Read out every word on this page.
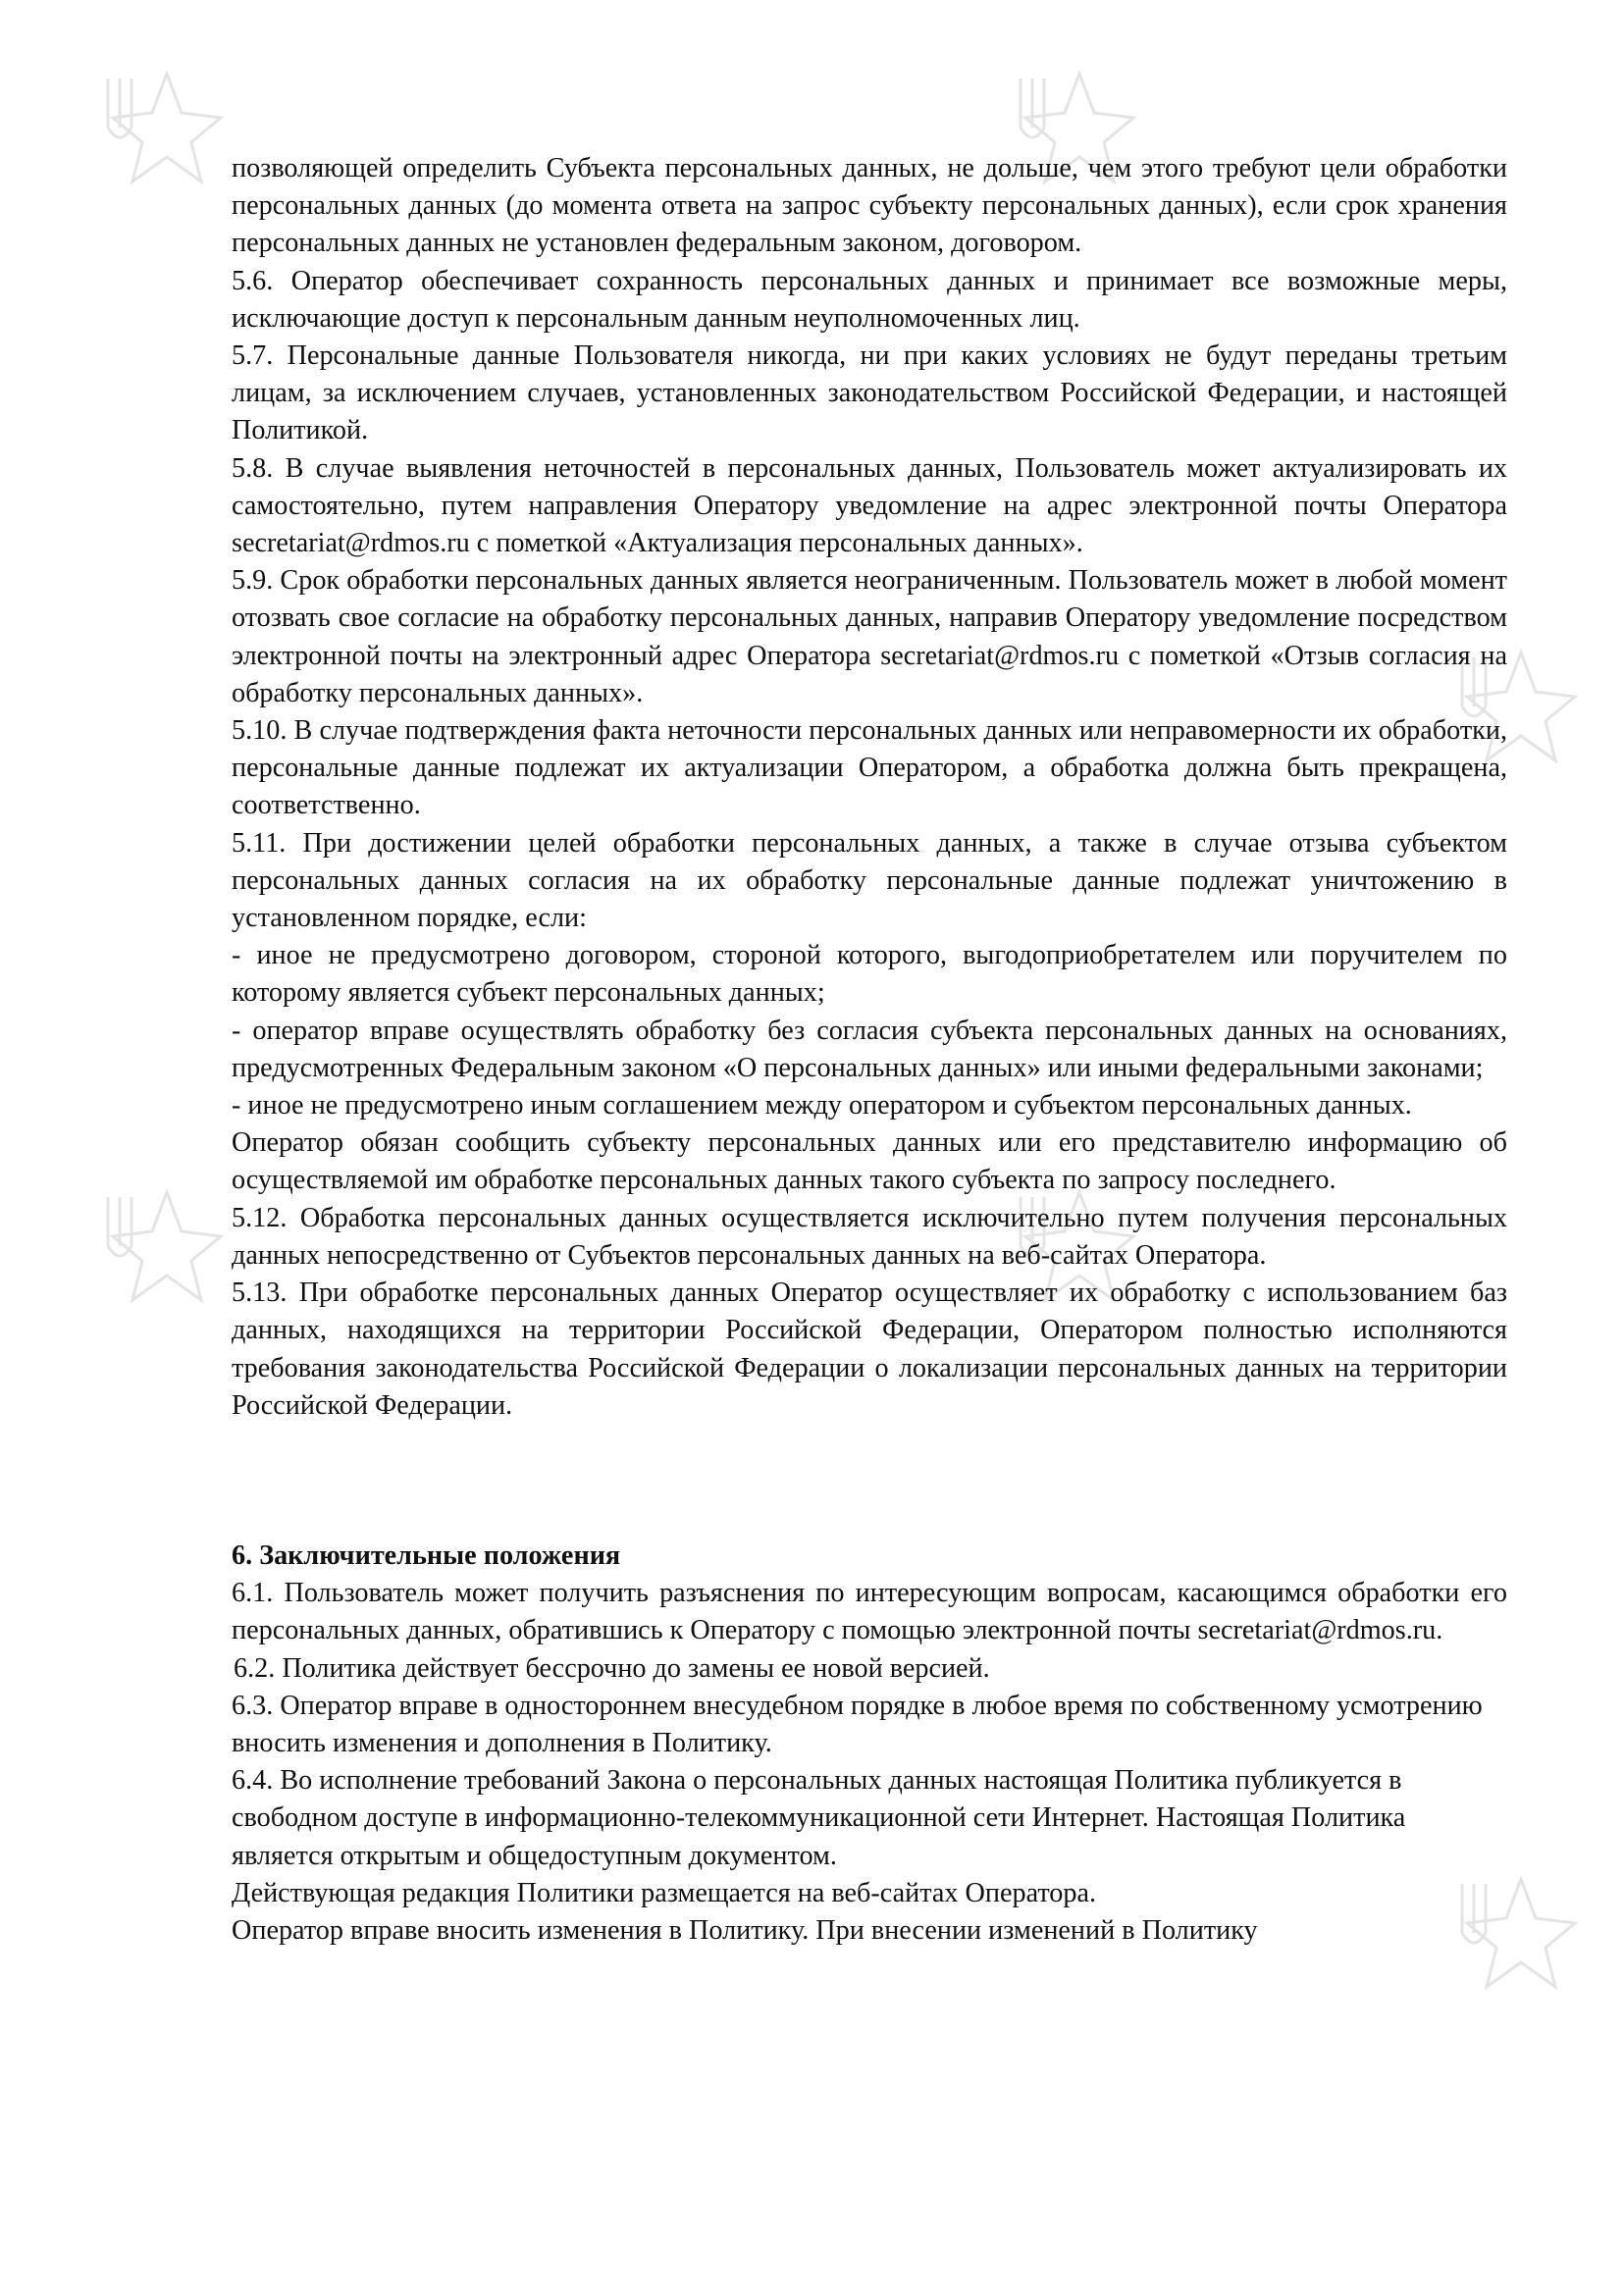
позволяющей определить Субъекта персональных данных, не дольше, чем этого требуют цели обработки персональных данных (до момента ответа на запрос субъекту персональных данных), если срок хранения персональных данных не установлен федеральным законом, договором.

5.6. Оператор обеспечивает сохранность персональных данных и принимает все возможные меры, исключающие доступ к персональным данным неуполномоченных лиц.

5.7. Персональные данные Пользователя никогда, ни при каких условиях не будут переданы третьим лицам, за исключением случаев, установленных законодательством Российской Федерации, и настоящей Политикой.

5.8. В случае выявления неточностей в персональных данных, Пользователь может актуализировать их самостоятельно, путем направления Оператору уведомление на адрес электронной почты Оператора secretariat@rdmos.ru с пометкой «Актуализация персональных данных».

5.9. Срок обработки персональных данных является неограниченным. Пользователь может в любой момент отозвать свое согласие на обработку персональных данных, направив Оператору уведомление посредством электронной почты на электронный адрес Оператора secretariat@rdmos.ru с пометкой «Отзыв согласия на обработку персональных данных».

5.10. В случае подтверждения факта неточности персональных данных или неправомерности их обработки, персональные данные подлежат их актуализации Оператором, а обработка должна быть прекращена, соответственно.

5.11. При достижении целей обработки персональных данных, а также в случае отзыва субъектом персональных данных согласия на их обработку персональные данные подлежат уничтожению в установленном порядке, если:

- иное не предусмотрено договором, стороной которого, выгодоприобретателем или поручителем по которому является субъект персональных данных;

- оператор вправе осуществлять обработку без согласия субъекта персональных данных на основаниях, предусмотренных Федеральным законом «О персональных данных» или иными федеральными законами;

- иное не предусмотрено иным соглашением между оператором и субъектом персональных данных.

Оператор обязан сообщить субъекту персональных данных или его представителю информацию об осуществляемой им обработке персональных данных такого субъекта по запросу последнего.

5.12. Обработка персональных данных осуществляется исключительно путем получения персональных данных непосредственно от Субъектов персональных данных на веб-сайтах Оператора.

5.13. При обработке персональных данных Оператор осуществляет их обработку с использованием баз данных, находящихся на территории Российской Федерации, Оператором полностью исполняются требования законодательства Российской Федерации о локализации персональных данных на территории Российской Федерации.

6. Заключительные положения

6.1. Пользователь может получить разъяснения по интересующим вопросам, касающимся обработки его персональных данных, обратившись к Оператору с помощью электронной почты secretariat@rdmos.ru.

6.2. Политика действует бессрочно до замены ее новой версией.

6.3. Оператор вправе в одностороннем внесудебном порядке в любое время по собственному усмотрению вносить изменения и дополнения в Политику.

6.4. Во исполнение требований Закона о персональных данных настоящая Политика публикуется в свободном доступе в информационно-телекоммуникационной сети Интернет. Настоящая Политика является открытым и общедоступным документом.

Действующая редакция Политики размещается на веб-сайтах Оператора.

Оператор вправе вносить изменения в Политику. При внесении изменений в Политику
